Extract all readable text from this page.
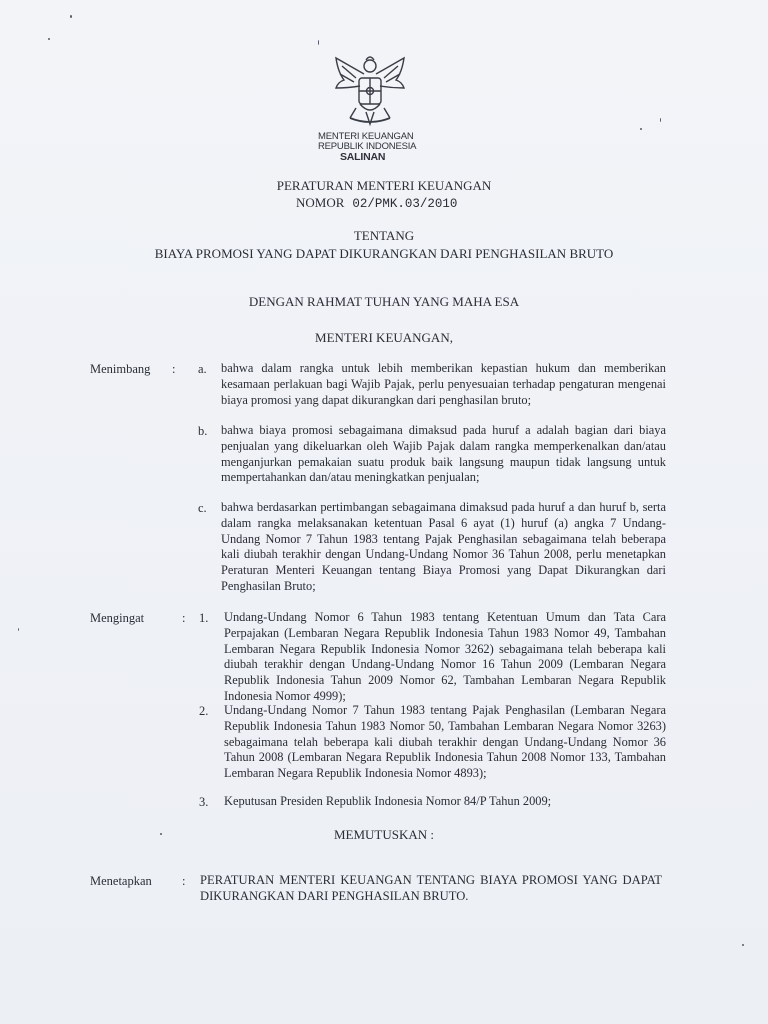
MENTERI KEUANGAN
REPUBLIK INDONESIA
SALINAN
PERATURAN MENTERI KEUANGAN
NOMOR 02/PMK.03/2010
TENTANG
BIAYA PROMOSI YANG DAPAT DIKURANGKAN DARI PENGHASILAN BRUTO
DENGAN RAHMAT TUHAN YANG MAHA ESA
MENTERI KEUANGAN,
Menimbang : a. bahwa dalam rangka untuk lebih memberikan kepastian hukum dan memberikan kesamaan perlakuan bagi Wajib Pajak, perlu penyesuaian terhadap pengaturan mengenai biaya promosi yang dapat dikurangkan dari penghasilan bruto;
b. bahwa biaya promosi sebagaimana dimaksud pada huruf a adalah bagian dari biaya penjualan yang dikeluarkan oleh Wajib Pajak dalam rangka memperkenalkan dan/atau menganjurkan pemakaian suatu produk baik langsung maupun tidak langsung untuk mempertahankan dan/atau meningkatkan penjualan;
c. bahwa berdasarkan pertimbangan sebagaimana dimaksud pada huruf a dan huruf b, serta dalam rangka melaksanakan ketentuan Pasal 6 ayat (1) huruf (a) angka 7 Undang-Undang Nomor 7 Tahun 1983 tentang Pajak Penghasilan sebagaimana telah beberapa kali diubah terakhir dengan Undang-Undang Nomor 36 Tahun 2008, perlu menetapkan Peraturan Menteri Keuangan tentang Biaya Promosi yang Dapat Dikurangkan dari Penghasilan Bruto;
Mengingat	: 1. Undang-Undang Nomor 6 Tahun 1983 tentang Ketentuan Umum dan Tata Cara Perpajakan (Lembaran Negara Republik Indonesia Tahun 1983 Nomor 49, Tambahan Lembaran Negara Republik Indonesia Nomor 3262) sebagaimana telah beberapa kali diubah terakhir dengan Undang-Undang Nomor 16 Tahun 2009 (Lembaran Negara Republik Indonesia Tahun 2009 Nomor 62, Tambahan Lembaran Negara Republik Indonesia Nomor 4999);
2. Undang-Undang Nomor 7 Tahun 1983 tentang Pajak Penghasilan (Lembaran Negara Republik Indonesia Tahun 1983 Nomor 50, Tambahan Lembaran Negara Nomor 3263) sebagaimana telah beberapa kali diubah terakhir dengan Undang-Undang Nomor 36 Tahun 2008 (Lembaran Negara Republik Indonesia Tahun 2008 Nomor 133, Tambahan Lembaran Negara Republik Indonesia Nomor 4893);
3. Keputusan Presiden Republik Indonesia Nomor 84/P Tahun 2009;
MEMUTUSKAN :
Menetapkan : PERATURAN MENTERI KEUANGAN TENTANG BIAYA PROMOSI YANG DAPAT DIKURANGKAN DARI PENGHASILAN BRUTO.
